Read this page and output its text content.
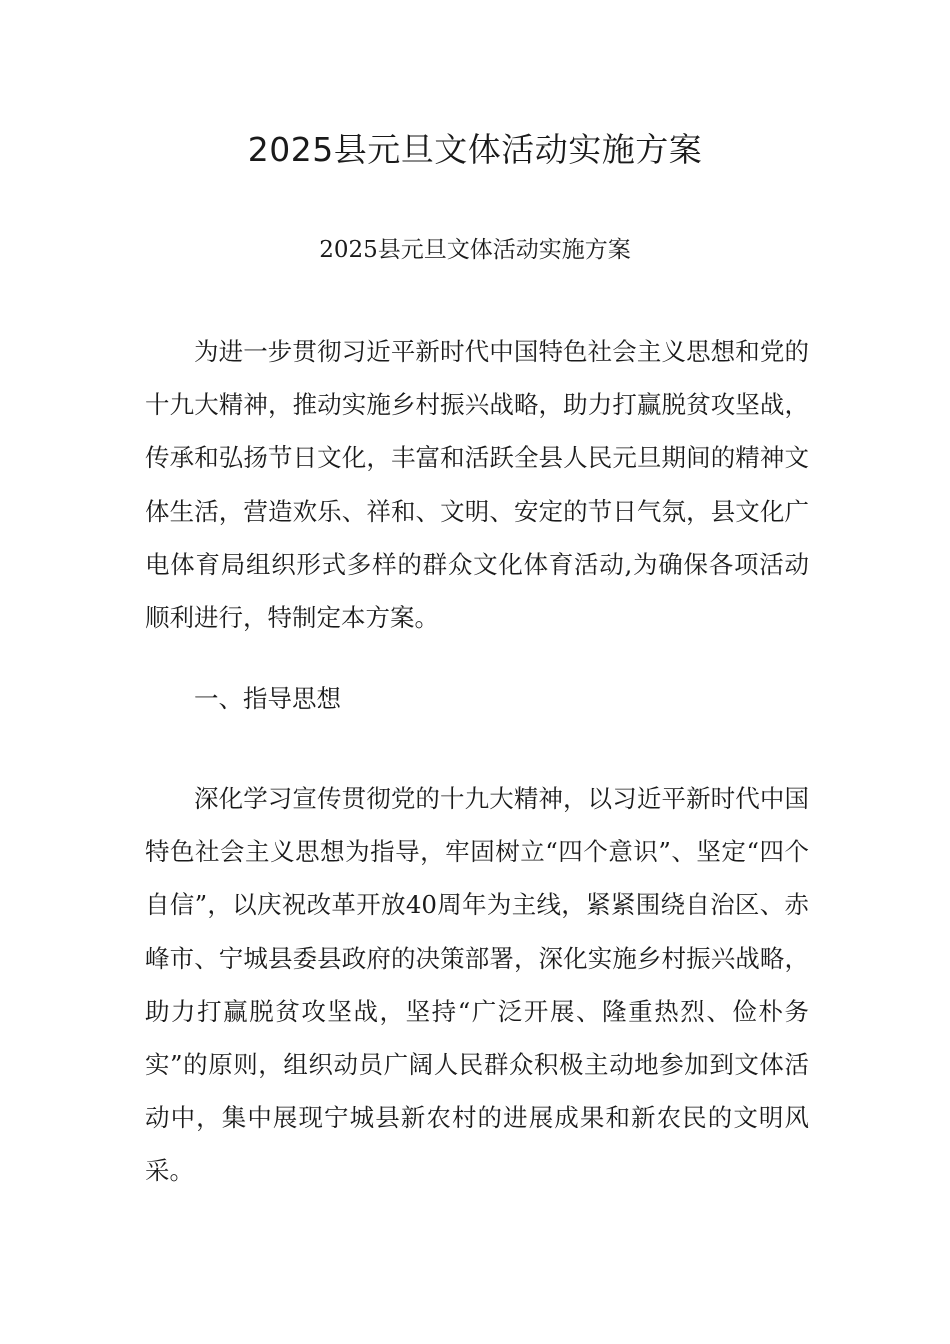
2025县元旦文体活动实施方案

2025县元旦文体活动实施方案

为进一步贯彻习近平新时代中国特色社会主义思想和党的十九大精神，推动实施乡村振兴战略，助力打赢脱贫攻坚战，传承和弘扬节日文化，丰富和活跃全县人民元旦期间的精神文体生活，营造欢乐、祥和、文明、安定的节日气氛，县文化广电体育局组织形式多样的群众文化体育活动,为确保各项活动顺利进行，特制定本方案。

一、指导思想

深化学习宣传贯彻党的十九大精神，以习近平新时代中国特色社会主义思想为指导，牢固树立“四个意识”、坚定“四个自信”，以庆祝改革开放40周年为主线，紧紧围绕自治区、赤峰市、宁城县委县政府的决策部署，深化实施乡村振兴战略，助力打赢脱贫攻坚战，坚持“广泛开展、隆重热烈、俭朴务实”的原则，组织动员广阔人民群众积极主动地参加到文体活动中，集中展现宁城县新农村的进展成果和新农民的文明风采。
